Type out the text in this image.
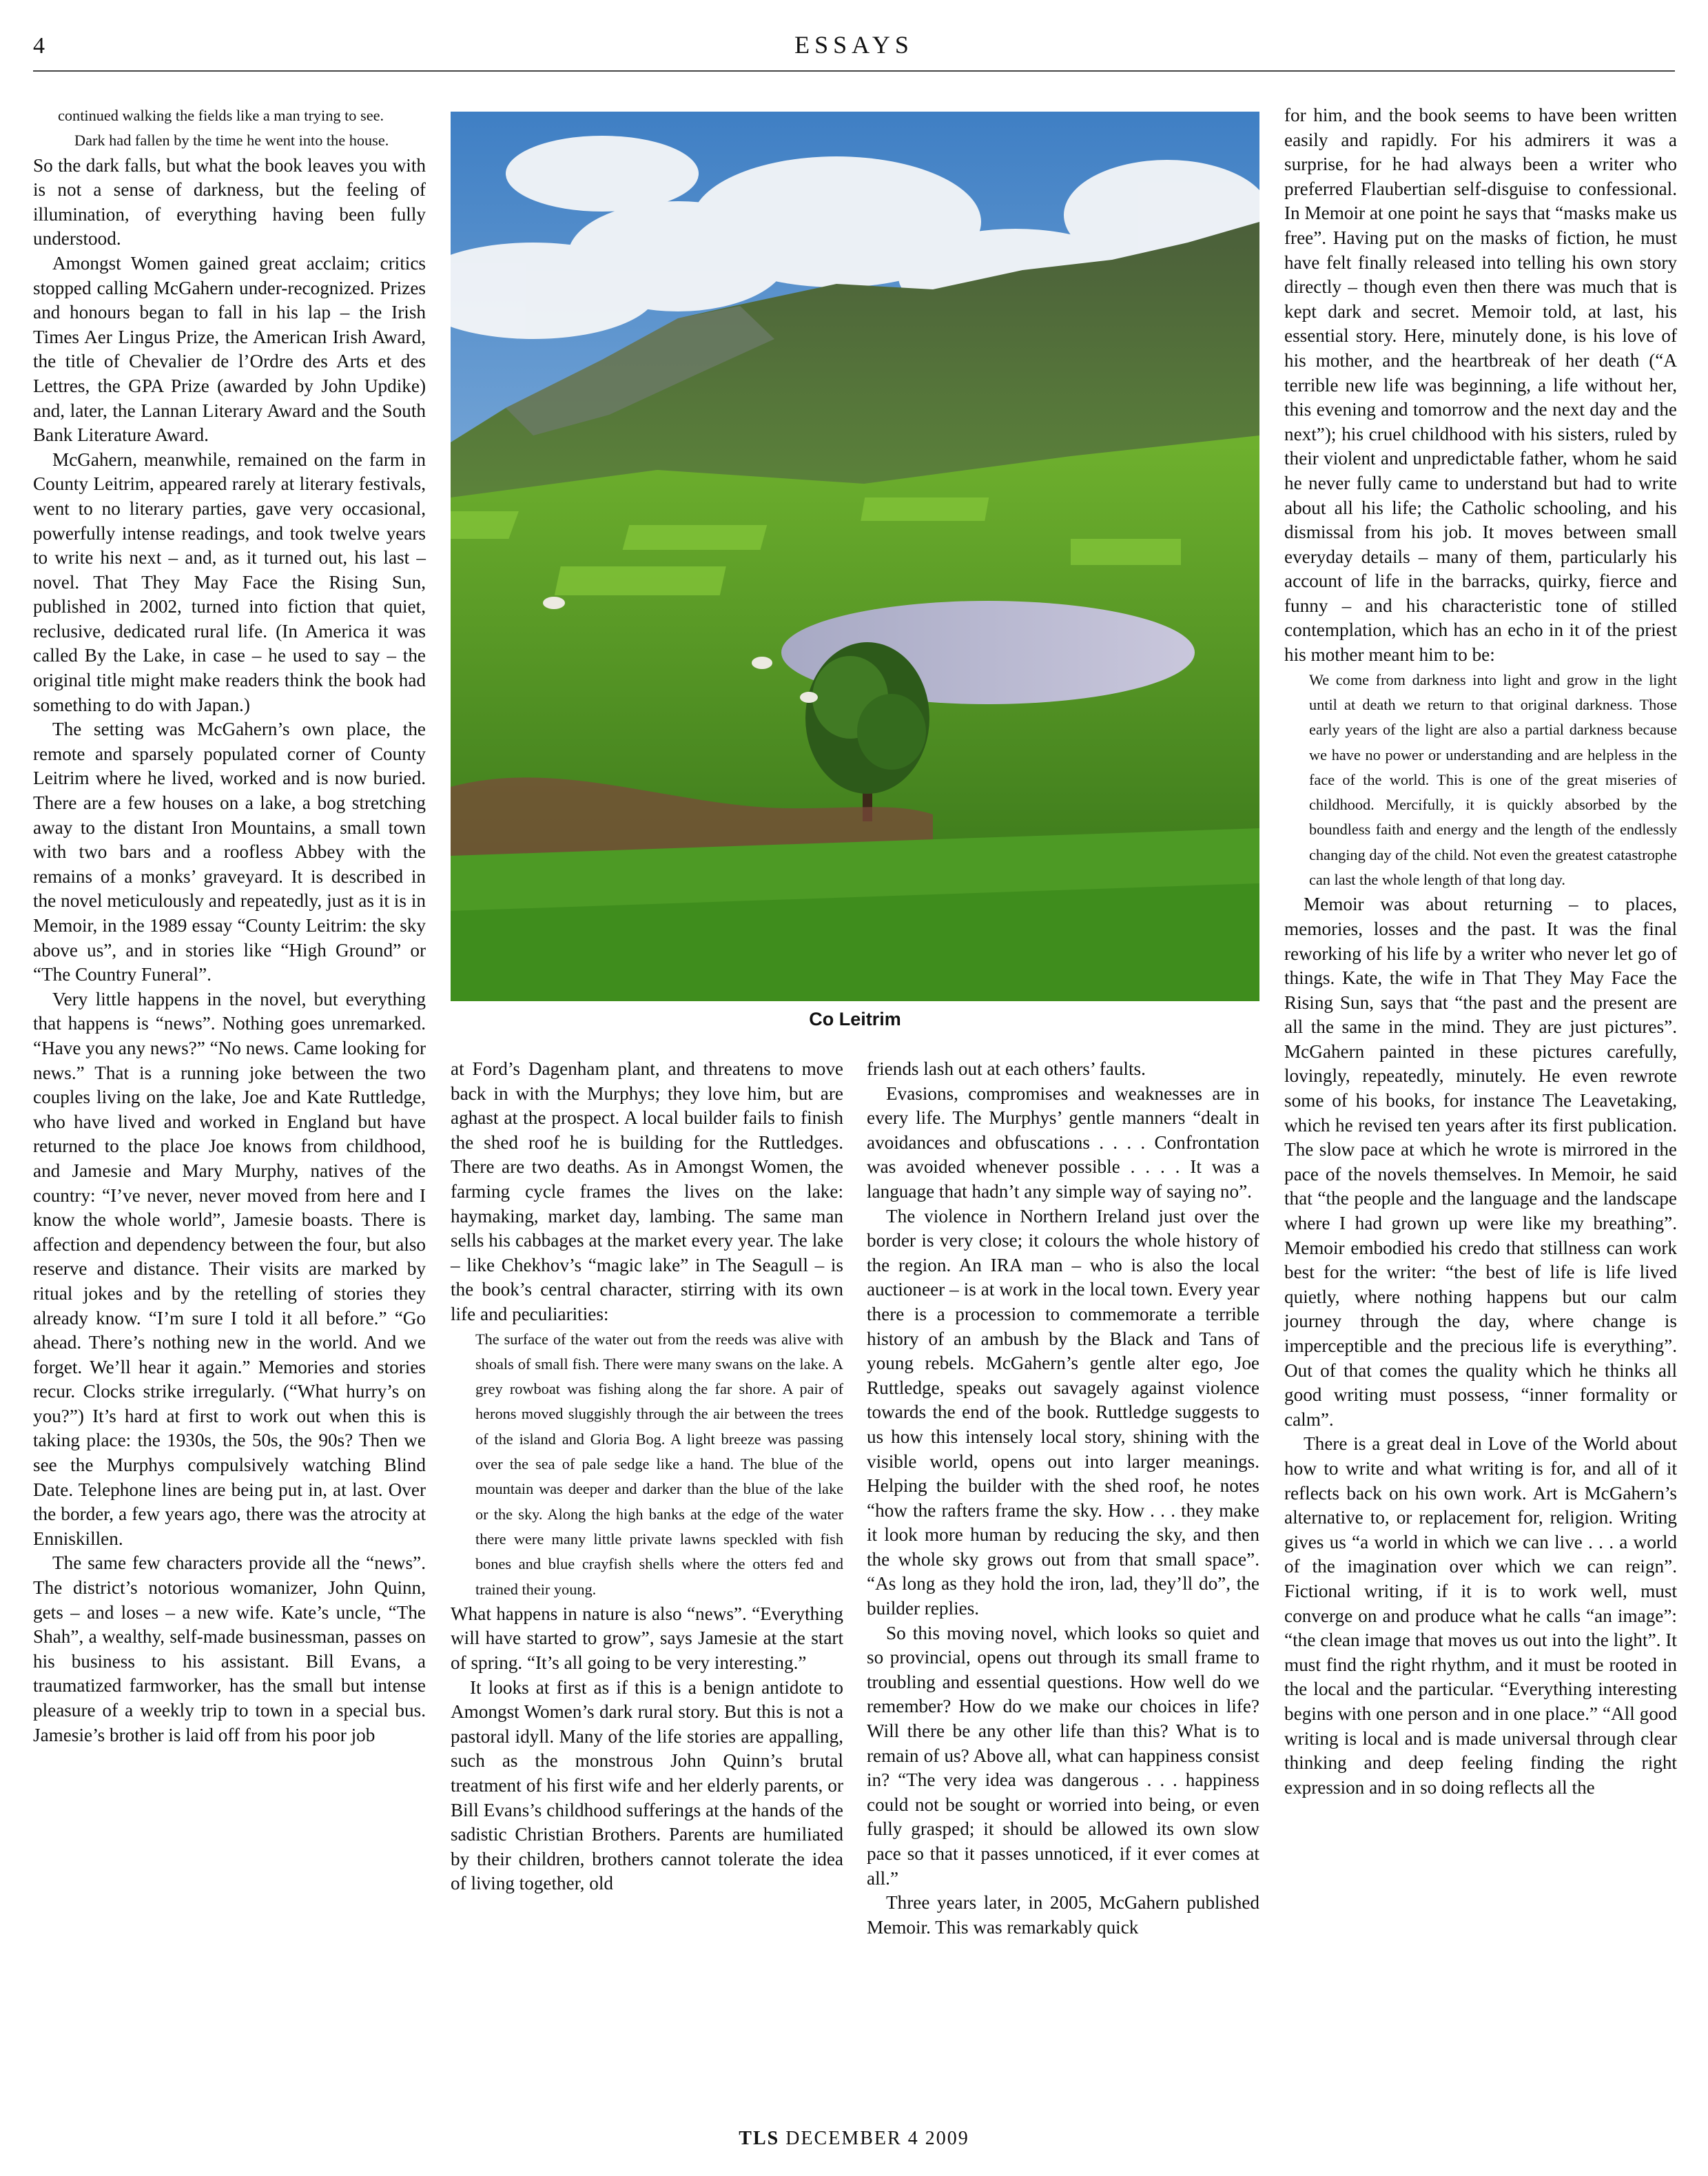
4	ESSAYS

continued walking the fields like a man trying to see.

Dark had fallen by the time he went into the house.

So the dark falls, but what the book leaves you with is not a sense of darkness, but the feeling of illumination, of everything having been fully understood.

Amongst Women gained great acclaim; critics stopped calling McGahern under-recognized. Prizes and honours began to fall in his lap – the Irish Times Aer Lingus Prize, the American Irish Award, the title of Chevalier de l’Ordre des Arts et des Lettres, the GPA Prize (awarded by John Updike) and, later, the Lannan Literary Award and the South Bank Literature Award.

McGahern, meanwhile, remained on the farm in County Leitrim, appeared rarely at literary festivals, went to no literary parties, gave very occasional, powerfully intense readings, and took twelve years to write his next – and, as it turned out, his last – novel. That They May Face the Rising Sun, published in 2002, turned into fiction that quiet, reclusive, dedicated rural life. (In America it was called By the Lake, in case – he used to say – the original title might make readers think the book had something to do with Japan.)

The setting was McGahern’s own place, the remote and sparsely populated corner of County Leitrim where he lived, worked and is now buried. There are a few houses on a lake, a bog stretching away to the distant Iron Mountains, a small town with two bars and a roofless Abbey with the remains of a monks’ graveyard. It is described in the novel meticulously and repeatedly, just as it is in Memoir, in the 1989 essay “County Leitrim: the sky above us”, and in stories like “High Ground” or “The Country Funeral”.

Very little happens in the novel, but everything that happens is “news”. Nothing goes unremarked. “Have you any news?” “No news. Came looking for news.” That is a running joke between the two couples living on the lake, Joe and Kate Ruttledge, who have lived and worked in England but have returned to the place Joe knows from childhood, and Jamesie and Mary Murphy, natives of the country: “I’ve never, never moved from here and I know the whole world”, Jamesie boasts. There is affection and dependency between the four, but also reserve and distance. Their visits are marked by ritual jokes and by the retelling of stories they already know. “I’m sure I told it all before.” “Go ahead. There’s nothing new in the world. And we forget. We’ll hear it again.” Memories and stories recur. Clocks strike irregularly. (“What hurry’s on you?”) It’s hard at first to work out when this is taking place: the 1930s, the 50s, the 90s? Then we see the Murphys compulsively watching Blind Date. Telephone lines are being put in, at last. Over the border, a few years ago, there was the atrocity at Enniskillen.

The same few characters provide all the “news”. The district’s notorious womanizer, John Quinn, gets – and loses – a new wife. Kate’s uncle, “The Shah”, a wealthy, self-made businessman, passes on his business to his assistant. Bill Evans, a traumatized farmworker, has the small but intense pleasure of a weekly trip to town in a special bus. Jamesie’s brother is laid off from his poor job

Co Leitrim

at Ford’s Dagenham plant, and threatens to move back in with the Murphys; they love him, but are aghast at the prospect. A local builder fails to finish the shed roof he is building for the Ruttledges. There are two deaths. As in Amongst Women, the farming cycle frames the lives on the lake: haymaking, market day, lambing. The same man sells his cabbages at the market every year. The lake – like Chekhov’s “magic lake” in The Seagull – is the book’s central character, stirring with its own life and peculiarities:

The surface of the water out from the reeds was alive with shoals of small fish. There were many swans on the lake. A grey rowboat was fishing along the far shore. A pair of herons moved sluggishly through the air between the trees of the island and Gloria Bog. A light breeze was passing over the sea of pale sedge like a hand. The blue of the mountain was deeper and darker than the blue of the lake or the sky. Along the high banks at the edge of the water there were many little private lawns speckled with fish bones and blue crayfish shells where the otters fed and trained their young.

What happens in nature is also “news”. “Everything will have started to grow”, says Jamesie at the start of spring. “It’s all going to be very interesting.”

It looks at first as if this is a benign antidote to Amongst Women’s dark rural story. But this is not a pastoral idyll. Many of the life stories are appalling, such as the monstrous John Quinn’s brutal treatment of his first wife and her elderly parents, or Bill Evans’s childhood sufferings at the hands of the sadistic Christian Brothers. Parents are humiliated by their children, brothers cannot tolerate the idea of living together, old

friends lash out at each others’ faults.

Evasions, compromises and weaknesses are in every life. The Murphys’ gentle manners “dealt in avoidances and obfuscations . . . . Confrontation was avoided whenever possible . . . . It was a language that hadn’t any simple way of saying no”.

The violence in Northern Ireland just over the border is very close; it colours the whole history of the region. An IRA man – who is also the local auctioneer – is at work in the local town. Every year there is a procession to commemorate a terrible history of an ambush by the Black and Tans of young rebels. McGahern’s gentle alter ego, Joe Ruttledge, speaks out savagely against violence towards the end of the book. Ruttledge suggests to us how this intensely local story, shining with the visible world, opens out into larger meanings. Helping the builder with the shed roof, he notes “how the rafters frame the sky. How . . . they make it look more human by reducing the sky, and then the whole sky grows out from that small space”. “As long as they hold the iron, lad, they’ll do”, the builder replies.

So this moving novel, which looks so quiet and so provincial, opens out through its small frame to troubling and essential questions. How well do we remember? How do we make our choices in life? Will there be any other life than this? What is to remain of us? Above all, what can happiness consist in? “The very idea was dangerous . . . happiness could not be sought or worried into being, or even fully grasped; it should be allowed its own slow pace so that it passes unnoticed, if it ever comes at all.”

Three years later, in 2005, McGahern published Memoir. This was remarkably quick

for him, and the book seems to have been written easily and rapidly. For his admirers it was a surprise, for he had always been a writer who preferred Flaubertian self-disguise to confessional. In Memoir at one point he says that “masks make us free”. Having put on the masks of fiction, he must have felt finally released into telling his own story directly – though even then there was much that is kept dark and secret. Memoir told, at last, his essential story. Here, minutely done, is his love of his mother, and the heartbreak of her death (“A terrible new life was beginning, a life without her, this evening and tomorrow and the next day and the next”); his cruel childhood with his sisters, ruled by their violent and unpredictable father, whom he said he never fully came to understand but had to write about all his life; the Catholic schooling, and his dismissal from his job. It moves between small everyday details – many of them, particularly his account of life in the barracks, quirky, fierce and funny – and his characteristic tone of stilled contemplation, which has an echo in it of the priest his mother meant him to be:

We come from darkness into light and grow in the light until at death we return to that original darkness. Those early years of the light are also a partial darkness because we have no power or understanding and are helpless in the face of the world. This is one of the great miseries of childhood. Mercifully, it is quickly absorbed by the boundless faith and energy and the length of the endlessly changing day of the child. Not even the greatest catastrophe can last the whole length of that long day.

Memoir was about returning – to places, memories, losses and the past. It was the final reworking of his life by a writer who never let go of things. Kate, the wife in That They May Face the Rising Sun, says that “the past and the present are all the same in the mind. They are just pictures”. McGahern painted in these pictures carefully, lovingly, repeatedly, minutely. He even rewrote some of his books, for instance The Leavetaking, which he revised ten years after its first publication. The slow pace at which he wrote is mirrored in the pace of the novels themselves. In Memoir, he said that “the people and the language and the landscape where I had grown up were like my breathing”. Memoir embodied his credo that stillness can work best for the writer: “the best of life is life lived quietly, where nothing happens but our calm journey through the day, where change is imperceptible and the precious life is everything”. Out of that comes the quality which he thinks all good writing must possess, “inner formality or calm”.

There is a great deal in Love of the World about how to write and what writing is for, and all of it reflects back on his own work. Art is McGahern’s alternative to, or replacement for, religion. Writing gives us “a world in which we can live . . . a world of the imagination over which we can reign”. Fictional writing, if it is to work well, must converge on and produce what he calls “an image”: “the clean image that moves us out into the light”. It must find the right rhythm, and it must be rooted in the local and the particular. “Everything interesting begins with one person and in one place.” “All good writing is local and is made universal through clear thinking and deep feeling finding the right expression and in so doing reflects all the

TLS DECEMBER 4 2009
